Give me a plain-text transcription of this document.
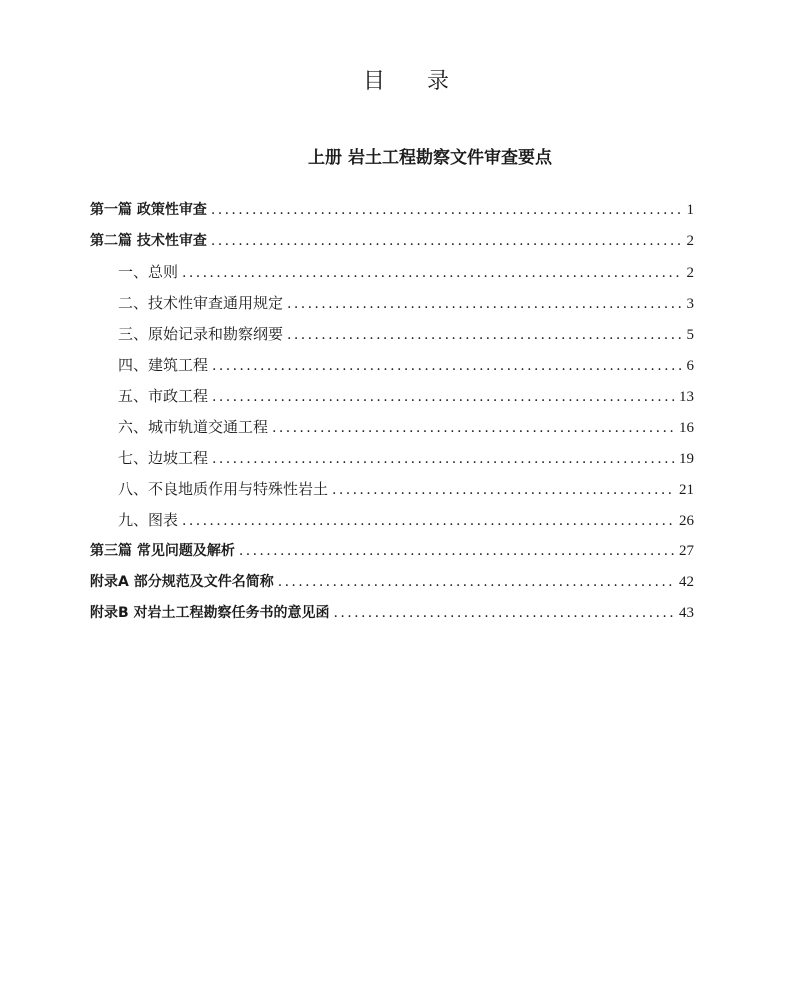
目　录
上册 岩土工程勘察文件审查要点
第一篇 政策性审查 .....	1
第二篇 技术性审查 .....	2
一、总则 .....	2
二、技术性审查通用规定 .....	3
三、原始记录和勘察纲要 .....	5
四、建筑工程 .....	6
五、市政工程 .....	13
六、城市轨道交通工程 .....	16
七、边坡工程 .....	19
八、不良地质作用与特殊性岩土 .....	21
九、图表 .....	26
第三篇 常见问题及解析 .....	27
附录A 部分规范及文件名简称 .....	42
附录B 对岩土工程勘察任务书的意见函 .....	43
